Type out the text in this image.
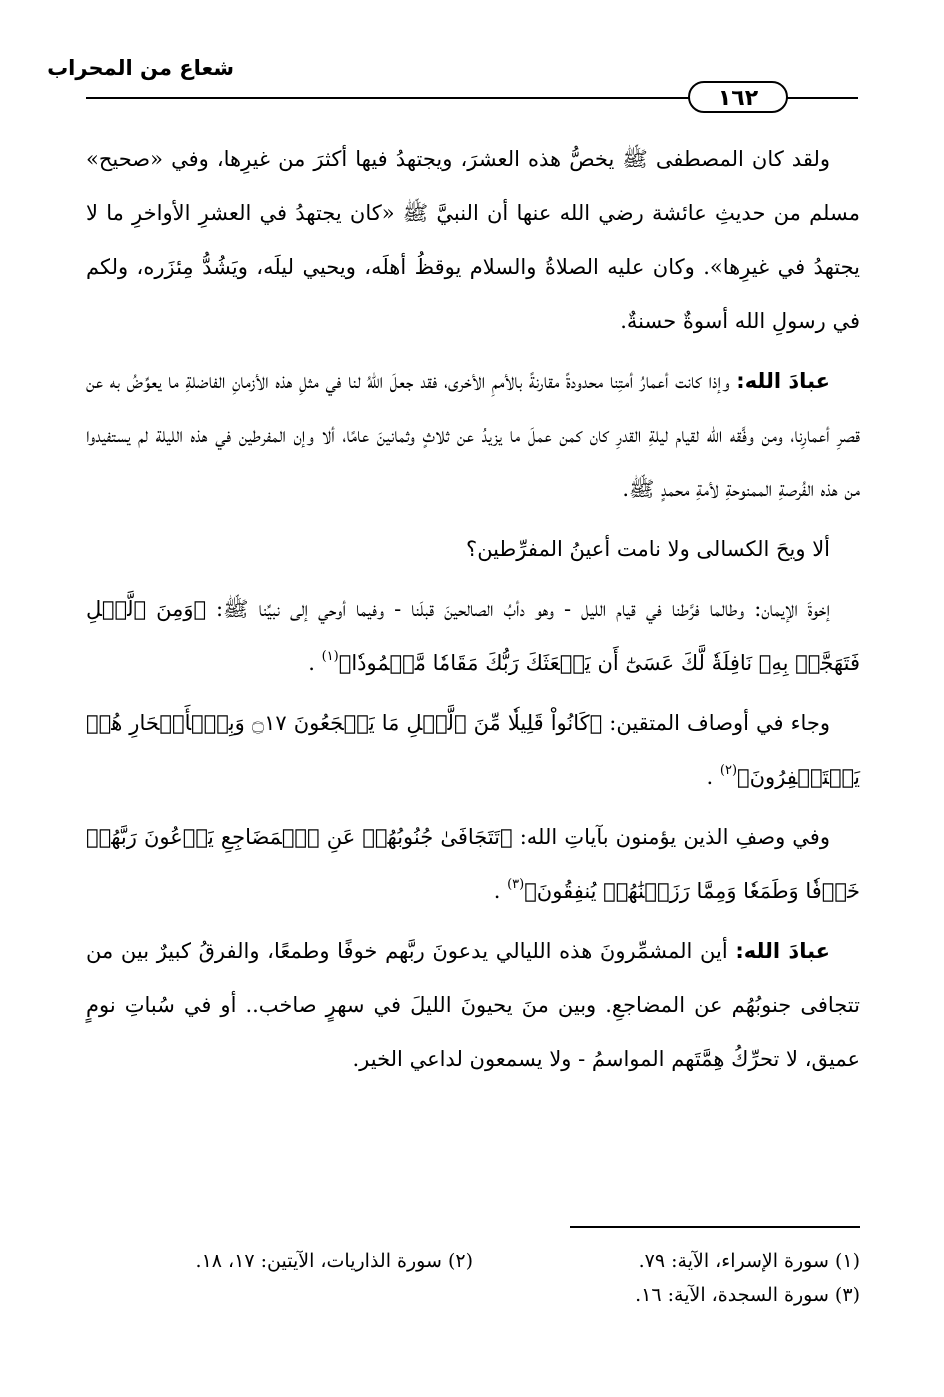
شعاع من المحراب
١٦٢

ولقد كان المصطفى ﷺ يخصُّ هذه العشرَ، ويجتهدُ فيها أكثرَ من غيرِها، وفي «صحيح» مسلم من حديثِ عائشة رضي الله عنها أن النبيَّ ﷺ «كان يجتهدُ في العشرِ الأواخرِ ما لا يجتهدُ في غيرِها». وكان عليه الصلاةُ والسلام يوقظُ أهلَه، ويحيي ليلَه، ويَشُدُّ مِئزَره، ولكم في رسولِ الله أسوةٌ حسنةٌ.

عبادَ الله: وإذا كانت أعمارُ أمتِنا محدودةً مقارنةً بالأممِ الأخرى، فقد جعلَ اللهُ لنا في مثلِ هذه الأزمانِ الفاضلةِ ما يعوِّضُ به عن قصرِ أعمارِنا، ومن وفَّقه الله لقيام ليلةِ القدرِ كان كمن عملَ ما يزيدُ عن ثلاثٍ وثمانينَ عامًا، ألا وإن المفرطين في هذه الليلة لم يستفيدوا من هذه الفُرصةِ الممنوحةِ لأمةِ محمدٍ ﷺ.

ألا ويحَ الكسالى ولا نامت أعينُ المفرِّطين؟

إخوةَ الإيمان: وطالما فرَّطنا في قيام الليل - وهو دأبُ الصالحينَ قبلَنا - وفيما أوحي إلى نبيِّنا ﷺ: ﴿وَمِنَ ٱلَّيۡلِ فَتَهَجَّدۡ بِهِۦ نَافِلَةٗ لَّكَ عَسَىٰٓ أَن يَبۡعَثَكَ رَبُّكَ مَقَامٗا مَّحۡمُودٗا﴾$^{(١)}$ .

وجاء في أوصاف المتقين: ﴿كَانُواْ قَلِيلٗا مِّنَ ٱلَّيۡلِ مَا يَهۡجَعُونَ ۝١٧ وَبِٱلۡأَسۡحَارِ هُمۡ يَسۡتَغۡفِرُونَ﴾$^{(٢)}$ .

وفي وصفِ الذين يؤمنون بآياتِ الله: ﴿تَتَجَافَىٰ جُنُوبُهُمۡ عَنِ ٱلۡمَضَاجِعِ يَدۡعُونَ رَبَّهُمۡ خَوۡفٗا وَطَمَعٗا وَمِمَّا رَزَقۡنَٰهُمۡ يُنفِقُونَ﴾$^{(٣)}$ .

عبادَ الله: أين المشمِّرونَ هذه الليالي يدعونَ ربَّهم خوفًا وطمعًا، والفرقُ كبيرٌ بين من تتجافى جنوبُهُم عن المضاجعِ. وبين منَ يحيونَ الليلَ في سهرٍ صاخب.. أو في سُباتِ نومٍ عميق، لا تحرِّكُ هِمَّتَهم المواسمُ - ولا يسمعون لداعي الخير.

(١) سورة الإسراء، الآية: ٧٩.
(٢) سورة الذاريات، الآيتين: ١٧، ١٨.
(٣) سورة السجدة، الآية: ١٦.
